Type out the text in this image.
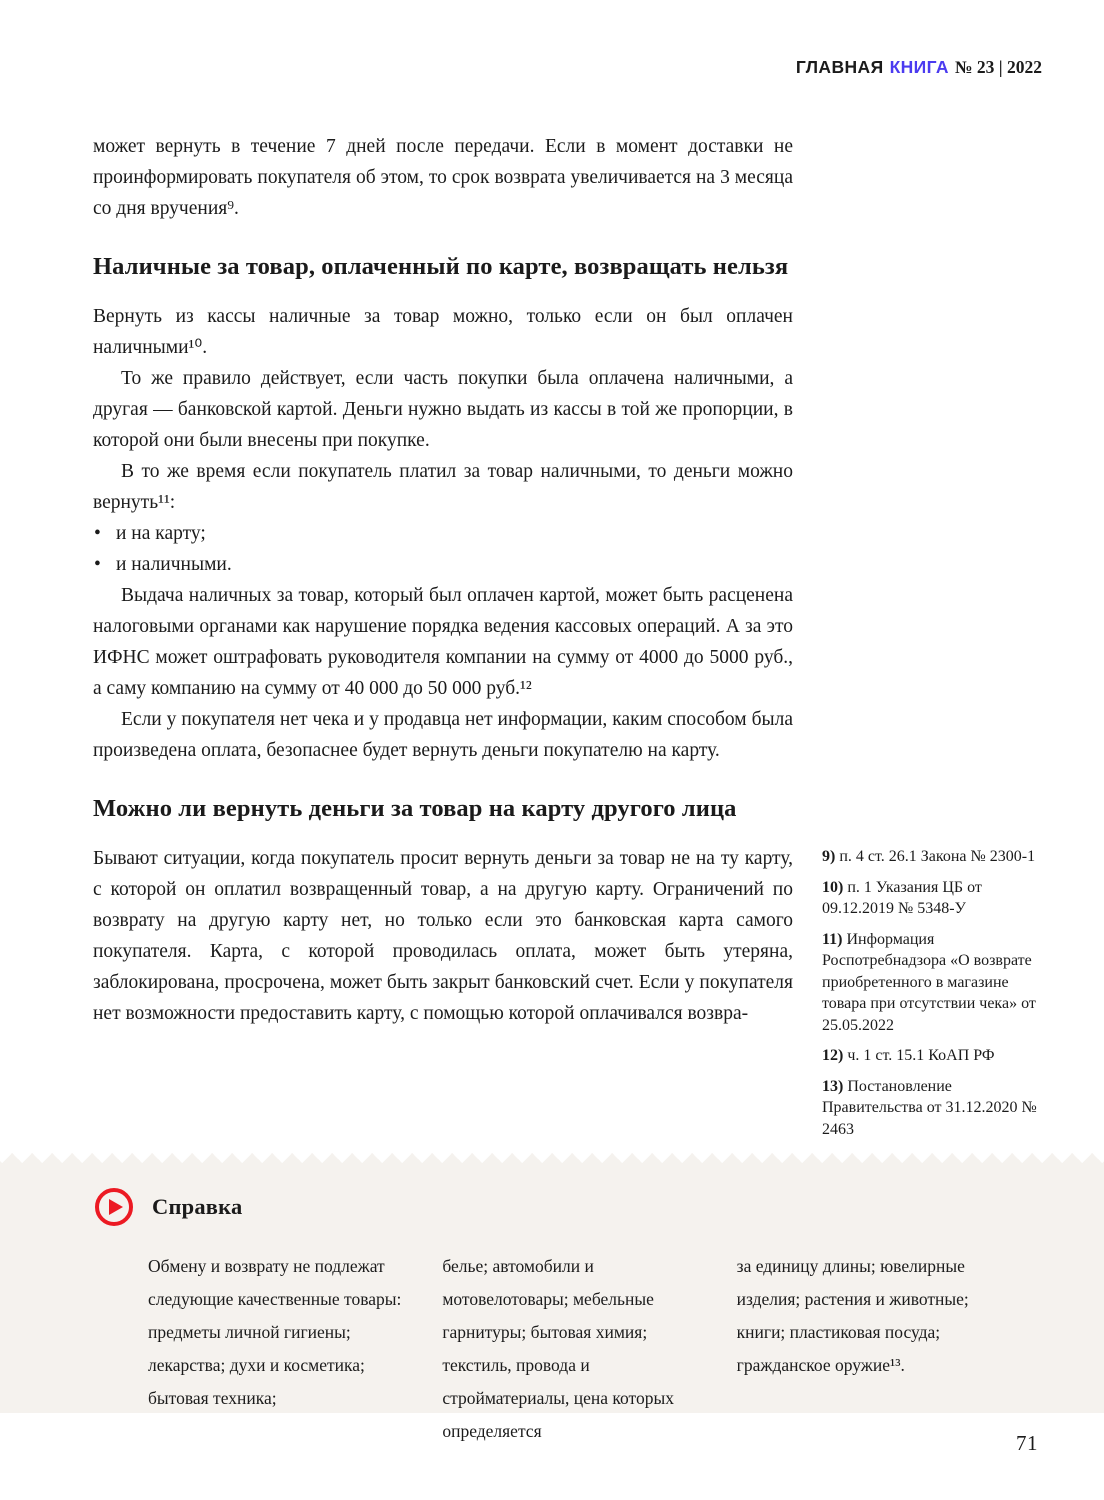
ГЛАВНАЯ КНИГА № 23 | 2022

может вернуть в течение 7 дней после передачи. Если в момент доставки не проинформировать покупателя об этом, то срок возврата увеличивается на 3 месяца со дня вручения⁹.

Наличные за товар, оплаченный по карте, возвращать нельзя

Вернуть из кассы наличные за товар можно, только если он был оплачен наличными¹⁰.

То же правило действует, если часть покупки была оплачена наличными, а другая — банковской картой. Деньги нужно выдать из кассы в той же пропорции, в которой они были внесены при покупке.

В то же время если покупатель платил за товар наличными, то деньги можно вернуть¹¹:

• и на карту;
• и наличными.

Выдача наличных за товар, который был оплачен картой, может быть расценена налоговыми органами как нарушение порядка ведения кассовых операций. А за это ИФНС может оштрафовать руководителя компании на сумму от 4000 до 5000 руб., а саму компанию на сумму от 40 000 до 50 000 руб.¹²

Если у покупателя нет чека и у продавца нет информации, каким способом была произведена оплата, безопаснее будет вернуть деньги покупателю на карту.

Можно ли вернуть деньги за товар на карту другого лица

Бывают ситуации, когда покупатель просит вернуть деньги за товар не на ту карту, с которой он оплатил возвращенный товар, а на другую карту. Ограничений по возврату на другую карту нет, но только если это банковская карта самого покупателя. Карта, с которой проводилась оплата, может быть утеряна, заблокирована, просрочена, может быть закрыт банковский счет. Если у покупателя нет возможности предоставить карту, с помощью которой оплачивался возвра-

9) п. 4 ст. 26.1 Закона № 2300-1
10) п. 1 Указания ЦБ от 09.12.2019 № 5348-У
11) Информация Роспотребнадзора «О возврате приобретенного в магазине товара при отсутствии чека» от 25.05.2022
12) ч. 1 ст. 15.1 КоАП РФ
13) Постановление Правительства от 31.12.2020 № 2463
Справка
Обмену и возврату не подлежат следующие качественные товары: предметы личной гигиены; лекарства; духи и косметика; бытовая техника;
белье; автомобили и мотовелотовары; мебельные гарнитуры; бытовая химия; текстиль, провода и стройматериалы, цена которых определяется
за единицу длины; ювелирные изделия; растения и животные; книги; пластиковая посуда; гражданское оружие¹³.
71
